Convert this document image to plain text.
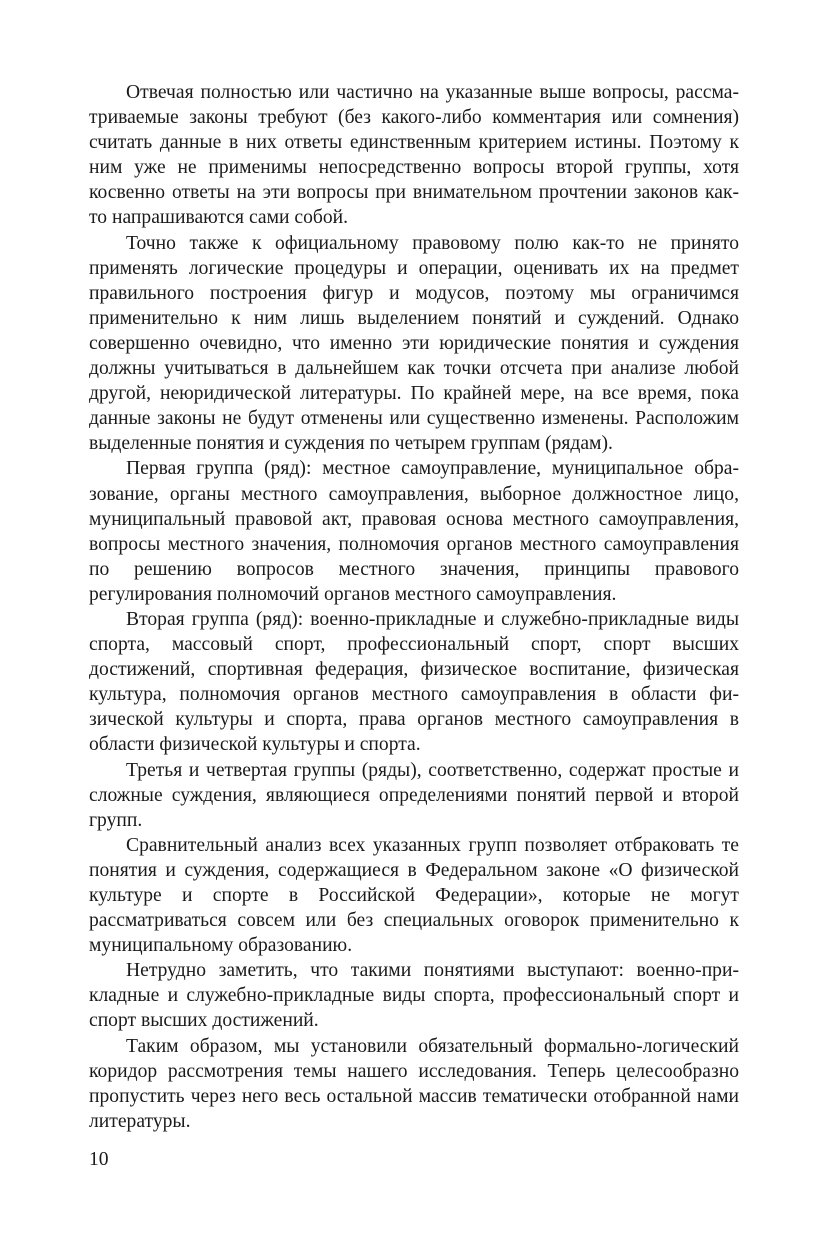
Отвечая полностью или частично на указанные выше вопросы, рассматриваемые законы требуют (без какого-либо комментария или сомнения) считать данные в них ответы единственным критерием истины. Поэтому к ним уже не применимы непосредственно вопросы второй группы, хотя косвенно ответы на эти вопросы при внимательном прочтении законов как-то напрашиваются сами собой.

Точно также к официальному правовому полю как-то не принято применять логические процедуры и операции, оценивать их на предмет правильного построения фигур и модусов, поэтому мы ограничимся применительно к ним лишь выделением понятий и суждений. Однако совершенно очевидно, что именно эти юридические понятия и суждения должны учитываться в дальнейшем как точки отсчета при анализе любой другой, неюридической литературы. По крайней мере, на все время, пока данные законы не будут отменены или существенно изменены. Расположим выделенные понятия и суждения по четырем группам (рядам).

Первая группа (ряд): местное самоуправление, муниципальное образование, органы местного самоуправления, выборное должностное лицо, муниципальный правовой акт, правовая основа местного самоуправления, вопросы местного значения, полномочия органов местного самоуправления по решению вопросов местного значения, принципы правового регулирования полномочий органов местного самоуправления.

Вторая группа (ряд): военно-прикладные и служебно-прикладные виды спорта, массовый спорт, профессиональный спорт, спорт высших достижений, спортивная федерация, физическое воспитание, физическая культура, полномочия органов местного самоуправления в области физической культуры и спорта, права органов местного самоуправления в области физической культуры и спорта.

Третья и четвертая группы (ряды), соответственно, содержат простые и сложные суждения, являющиеся определениями понятий первой и второй групп.

Сравнительный анализ всех указанных групп позволяет отбраковать те понятия и суждения, содержащиеся в Федеральном законе «О физической культуре и спорте в Российской Федерации», которые не могут рассматриваться совсем или без специальных оговорок применительно к муниципальному образованию.

Нетрудно заметить, что такими понятиями выступают: военно-прикладные и служебно-прикладные виды спорта, профессиональный спорт и спорт высших достижений.

Таким образом, мы установили обязательный формально-логический коридор рассмотрения темы нашего исследования. Теперь целесообразно пропустить через него весь остальной массив тематически отобранной нами литературы.

10
